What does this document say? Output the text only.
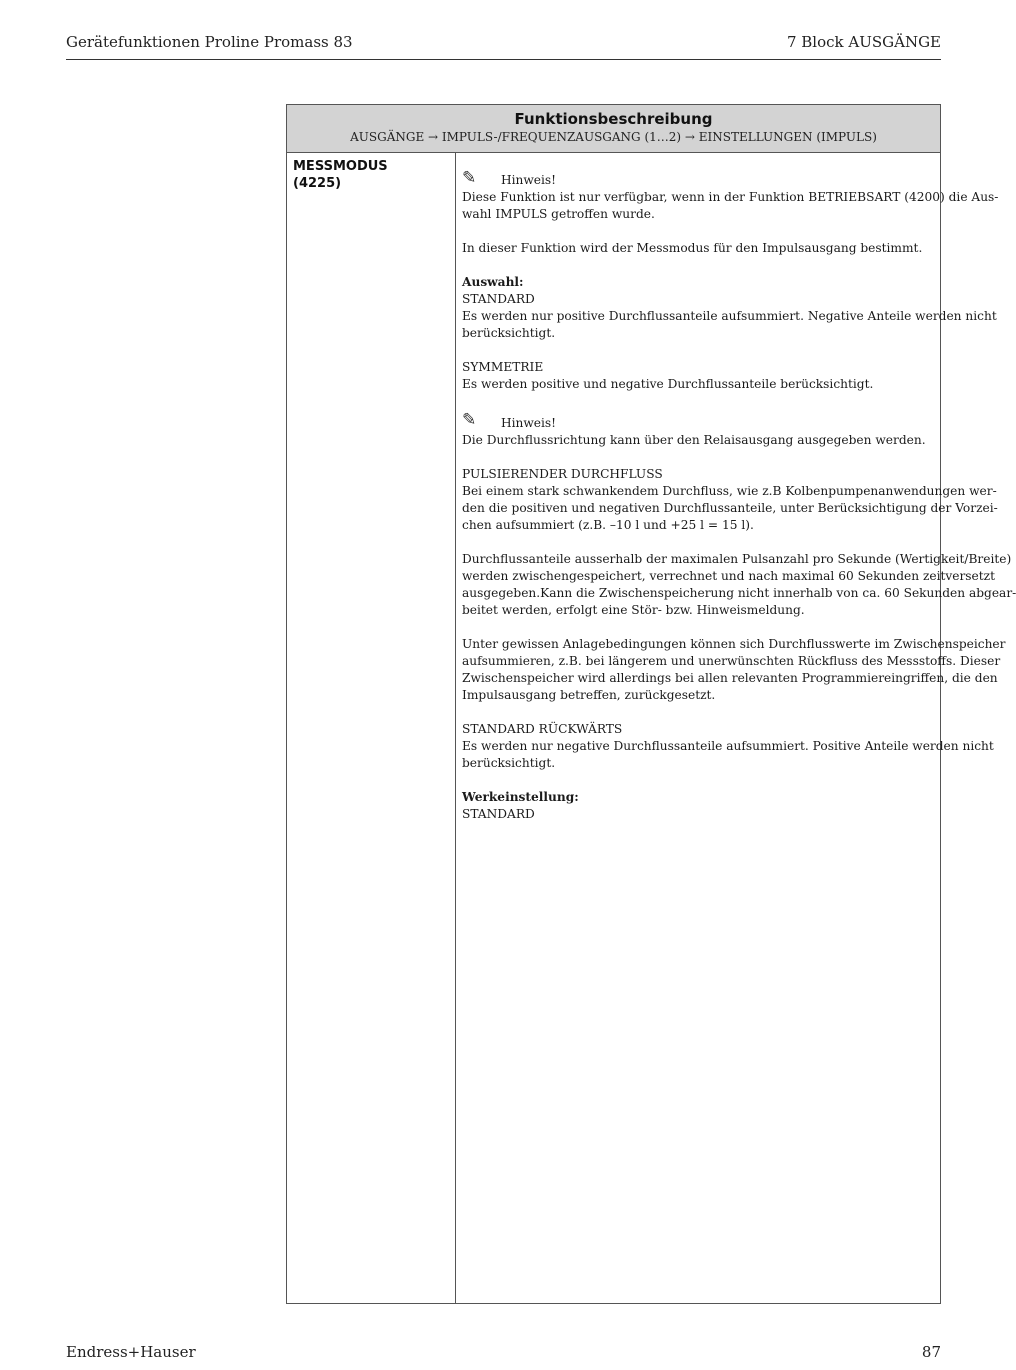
Gerätefunktionen Proline Promass 83	7 Block AUSGÄNGE
Funktionsbeschreibung
AUSGÄNGE → IMPULS-/FREQUENZAUSGANG (1…2) → EINSTELLUNGEN (IMPULS)
MESSMODUS
(4225)	✎ Hinweis!
Diese Funktion ist nur verfügbar, wenn in der Funktion BETRIEBSART (4200) die Aus-
wahl IMPULS getroffen wurde.
In dieser Funktion wird der Messmodus für den Impulsausgang bestimmt.
Auswahl:
STANDARD
Es werden nur positive Durchflussanteile aufsummiert. Negative Anteile werden nicht
berücksichtigt.
SYMMETRIE
Es werden positive und negative Durchflussanteile berücksichtigt.
✎ Hinweis!
Die Durchflussrichtung kann über den Relaisausgang ausgegeben werden.
PULSIERENDER DURCHFLUSS
Bei einem stark schwankendem Durchfluss, wie z.B Kolbenpumpenanwendungen wer-
den die positiven und negativen Durchflussanteile, unter Berücksichtigung der Vorzei-
chen aufsummiert (z.B. –10 l und +25 l = 15 l).
Durchflussanteile ausserhalb der maximalen Pulsanzahl pro Sekunde (Wertigkeit/Breite)
werden zwischengespeichert, verrechnet und nach maximal 60 Sekunden zeitversetzt
ausgegeben.Kann die Zwischenspeicherung nicht innerhalb von ca. 60 Sekunden abgear-
beitet werden, erfolgt eine Stör- bzw. Hinweismeldung.
Unter gewissen Anlagebedingungen können sich Durchflusswerte im Zwischenspeicher
aufsummieren, z.B. bei längerem und unerwünschten Rückfluss des Messstoffs. Dieser
Zwischenspeicher wird allerdings bei allen relevanten Programmiereingriffen, die den
Impulsausgang betreffen, zurückgesetzt.
STANDARD RÜCKWÄRTS
Es werden nur negative Durchflussanteile aufsummiert. Positive Anteile werden nicht
berücksichtigt.
Werkeinstellung:
STANDARD
Endress+Hauser	87
